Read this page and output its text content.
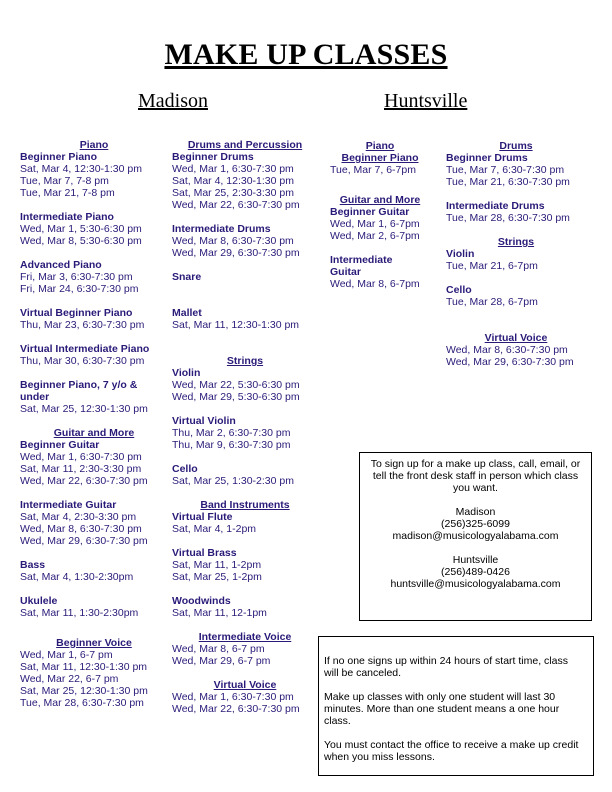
MAKE UP CLASSES
Madison	Huntsville
Piano
Beginner Piano
Sat, Mar 4, 12:30-1:30 pm
Tue, Mar 7, 7-8 pm
Tue, Mar 21, 7-8 pm
Intermediate Piano
Wed, Mar 1, 5:30-6:30 pm
Wed, Mar 8, 5:30-6:30 pm
Advanced Piano
Fri, Mar 3, 6:30-7:30 pm
Fri, Mar 24, 6:30-7:30 pm
Virtual Beginner Piano
Thu, Mar 23, 6:30-7:30 pm
Virtual Intermediate Piano
Thu, Mar 30, 6:30-7:30 pm
Beginner Piano, 7 y/o &
under
Sat, Mar 25, 12:30-1:30 pm
Guitar and More
Beginner Guitar
Wed, Mar 1, 6:30-7:30 pm
Sat, Mar 11, 2:30-3:30 pm
Wed, Mar 22, 6:30-7:30 pm
Intermediate Guitar
Sat, Mar 4, 2:30-3:30 pm
Wed, Mar 8, 6:30-7:30 pm
Wed, Mar 29, 6:30-7:30 pm
Bass
Sat, Mar 4, 1:30-2:30pm
Ukulele
Sat, Mar 11, 1:30-2:30pm
Beginner Voice
Wed, Mar 1, 6-7 pm
Sat, Mar 11, 12:30-1:30 pm
Wed, Mar 22, 6-7 pm
Sat, Mar 25, 12:30-1:30 pm
Tue, Mar 28, 6:30-7:30 pm
Drums and Percussion
Beginner Drums
Wed, Mar 1, 6:30-7:30 pm
Sat, Mar 4, 12:30-1:30 pm
Sat, Mar 25, 2:30-3:30 pm
Wed, Mar 22, 6:30-7:30 pm
Intermediate Drums
Wed, Mar 8, 6:30-7:30 pm
Wed, Mar 29, 6:30-7:30 pm
Snare
Mallet
Sat, Mar 11, 12:30-1:30 pm
Strings
Violin
Wed, Mar 22, 5:30-6:30 pm
Wed, Mar 29, 5:30-6:30 pm
Virtual Violin
Thu, Mar 2, 6:30-7:30 pm
Thu, Mar 9, 6:30-7:30 pm
Cello
Sat, Mar 25, 1:30-2:30 pm
Band Instruments
Virtual Flute
Sat, Mar 4, 1-2pm
Virtual Brass
Sat, Mar 11, 1-2pm
Sat, Mar 25, 1-2pm
Woodwinds
Sat, Mar 11, 12-1pm
Intermediate Voice
Wed, Mar 8, 6-7 pm
Wed, Mar 29, 6-7 pm
Virtual Voice
Wed, Mar 1, 6:30-7:30 pm
Wed, Mar 22, 6:30-7:30 pm
Piano
Beginner Piano
Tue, Mar 7, 6-7pm
Guitar and More
Beginner Guitar
Wed, Mar 1, 6-7pm
Wed, Mar 2, 6-7pm
Intermediate
Guitar
Wed, Mar 8, 6-7pm
Drums
Beginner Drums
Tue, Mar 7, 6:30-7:30 pm
Tue, Mar 21, 6:30-7:30 pm
Intermediate Drums
Tue, Mar 28, 6:30-7:30 pm
Strings
Violin
Tue, Mar 21, 6-7pm
Cello
Tue, Mar 28, 6-7pm
Virtual Voice
Wed, Mar 8, 6:30-7:30 pm
Wed, Mar 29, 6:30-7:30 pm

To sign up for a make up class, call, email, or tell the front desk staff in person which class you want.

Madison

(256)325-6099

madison@musicologyalabama.com

Huntsville

(256)489-0426

huntsville@musicologyalabama.com

If no one signs up within 24 hours of start time, class will be canceled.

Make up classes with only one student will last 30 minutes. More than one student means a one hour class.

You must contact the office to receive a make up credit when you miss lessons.
